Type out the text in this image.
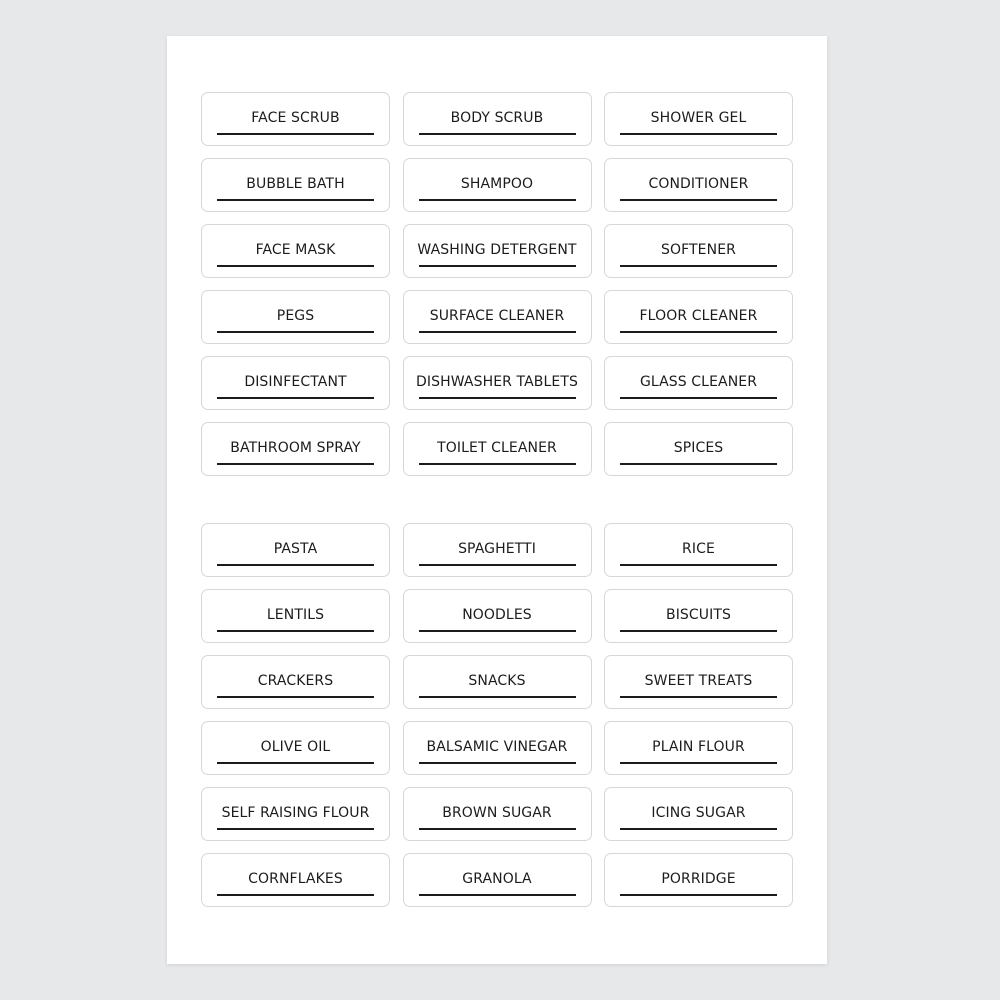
FACE SCRUB	BODY SCRUB	SHOWER GEL
BUBBLE BATH	SHAMPOO	CONDITIONER
FACE MASK	WASHING DETERGENT	SOFTENER
PEGS	SURFACE CLEANER	FLOOR CLEANER
DISINFECTANT	DISHWASHER TABLETS	GLASS CLEANER
BATHROOM SPRAY	TOILET CLEANER	SPICES
PASTA	SPAGHETTI	RICE
LENTILS	NOODLES	BISCUITS
CRACKERS	SNACKS	SWEET TREATS
OLIVE OIL	BALSAMIC VINEGAR	PLAIN FLOUR
SELF RAISING FLOUR	BROWN SUGAR	ICING SUGAR
CORNFLAKES	GRANOLA	PORRIDGE
